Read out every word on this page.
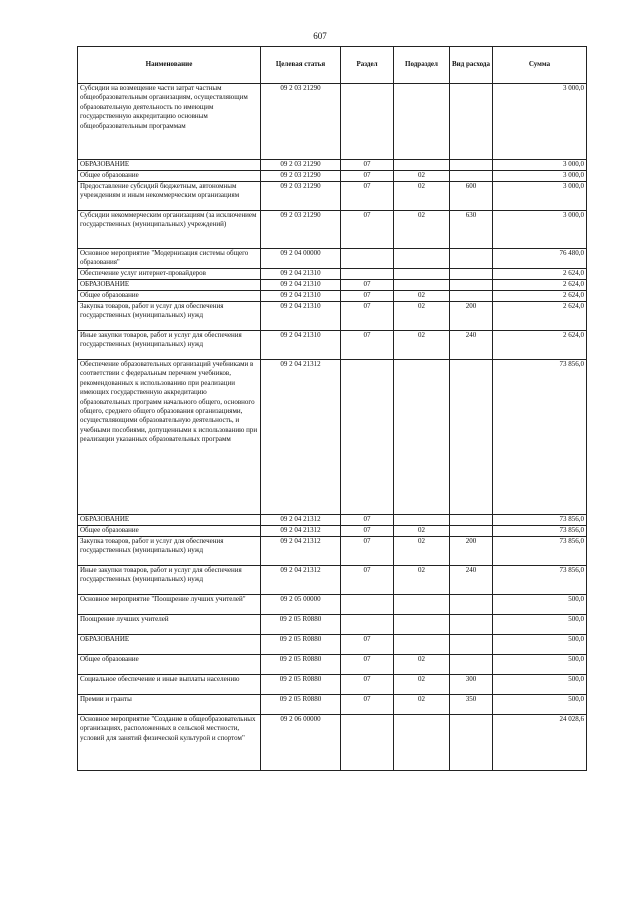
607
Наименование	Целевая статья	Раздел	Подраздел	Вид расхода	Сумма
Субсидии на возмещение части затрат частным общеобразовательным организациям, осуществляющим образовательную деятельность по имеющим государственную аккредитацию основным общеобразовательным программам	09 2 03 21290				3 000,0
ОБРАЗОВАНИЕ	09 2 03 21290	07			3 000,0
Общее образование	09 2 03 21290	07	02		3 000,0
Предоставление субсидий бюджетным, автономным учреждениям и иным некоммерческим организациям	09 2 03 21290	07	02	600	3 000,0
Субсидии некоммерческим организациям (за исключением государственных (муниципальных) учреждений)	09 2 03 21290	07	02	630	3 000,0
Основное мероприятие "Модернизация системы общего образования"	09 2 04 00000				76 480,0
Обеспечение услуг интернет-провайдеров	09 2 04 21310				2 624,0
ОБРАЗОВАНИЕ	09 2 04 21310	07			2 624,0
Общее образование	09 2 04 21310	07	02		2 624,0
Закупка товаров, работ и услуг для обеспечения государственных (муниципальных) нужд	09 2 04 21310	07	02	200	2 624,0
Иные закупки товаров, работ и услуг для обеспечения государственных (муниципальных) нужд	09 2 04 21310	07	02	240	2 624,0
Обеспечение образовательных организаций учебниками в соответствии с федеральным перечнем учебников, рекомендованных к использованию при реализации имеющих государственную аккредитацию образовательных программ начального общего, основного общего, среднего общего образования организациями, осуществляющими образовательную деятельность, и учебными пособиями, допущенными к использованию при реализации указанных образовательных программ	09 2 04 21312				73 856,0
ОБРАЗОВАНИЕ	09 2 04 21312	07			73 856,0
Общее образование	09 2 04 21312	07	02		73 856,0
Закупка товаров, работ и услуг для обеспечения государственных (муниципальных) нужд	09 2 04 21312	07	02	200	73 856,0
Иные закупки товаров, работ и услуг для обеспечения государственных (муниципальных) нужд	09 2 04 21312	07	02	240	73 856,0
Основное мероприятие "Поощрение лучших учителей"	09 2 05 00000				500,0
Поощрение лучших учителей	09 2 05 R0880				500,0
ОБРАЗОВАНИЕ	09 2 05 R0880	07			500,0
Общее образование	09 2 05 R0880	07	02		500,0
Социальное обеспечение и иные выплаты населению	09 2 05 R0880	07	02	300	500,0
Премии и гранты	09 2 05 R0880	07	02	350	500,0
Основное мероприятие "Создание в общеобразовательных организациях, расположенных в сельской местности, условий для занятий физической культурой и спортом"	09 2 06 00000				24 028,6
